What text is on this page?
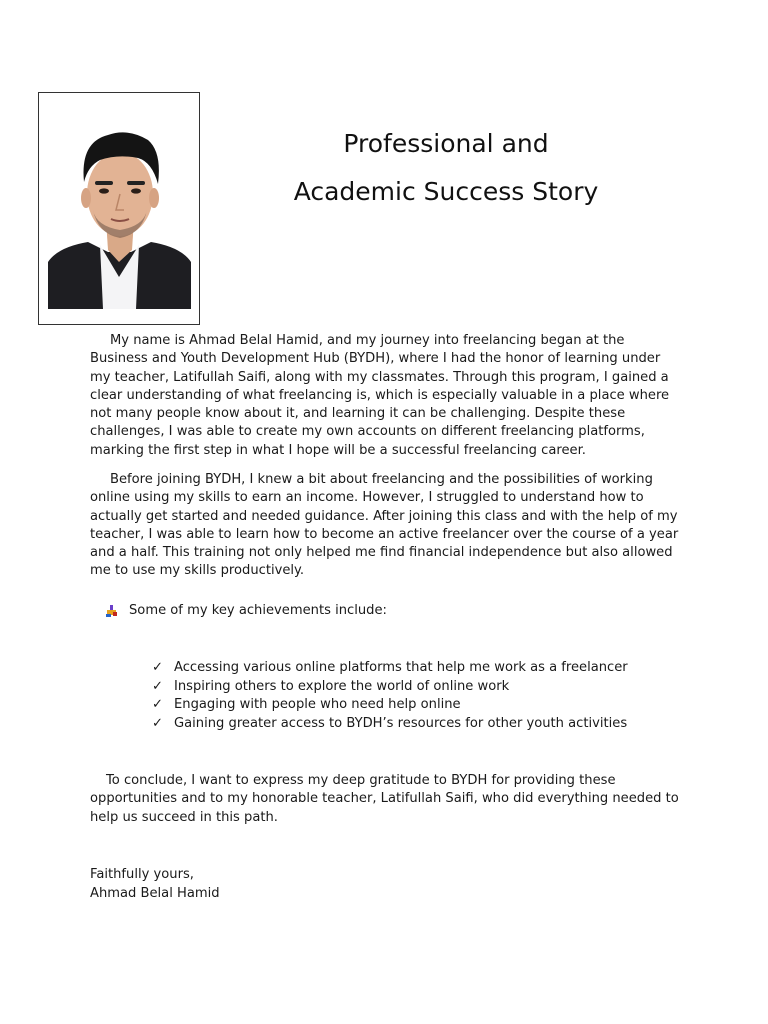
Professional and
Academic Success Story

My name is Ahmad Belal Hamid, and my journey into freelancing began at the Business and Youth Development Hub (BYDH), where I had the honor of learning under my teacher, Latifullah Saifi, along with my classmates. Through this program, I gained a clear understanding of what freelancing is, which is especially valuable in a place where not many people know about it, and learning it can be challenging. Despite these challenges, I was able to create my own accounts on different freelancing platforms, marking the first step in what I hope will be a successful freelancing career.

Before joining BYDH, I knew a bit about freelancing and the possibilities of working online using my skills to earn an income. However, I struggled to understand how to actually get started and needed guidance. After joining this class and with the help of my teacher, I was able to learn how to become an active freelancer over the course of a year and a half. This training not only helped me find financial independence but also allowed me to use my skills productively.

Some of my key achievements include:
✓ Accessing various online platforms that help me work as a freelancer
✓ Inspiring others to explore the world of online work
✓ Engaging with people who need help online
✓ Gaining greater access to BYDH’s resources for other youth activities

To conclude, I want to express my deep gratitude to BYDH for providing these opportunities and to my honorable teacher, Latifullah Saifi, who did everything needed to help us succeed in this path.

Faithfully yours,
Ahmad Belal Hamid
